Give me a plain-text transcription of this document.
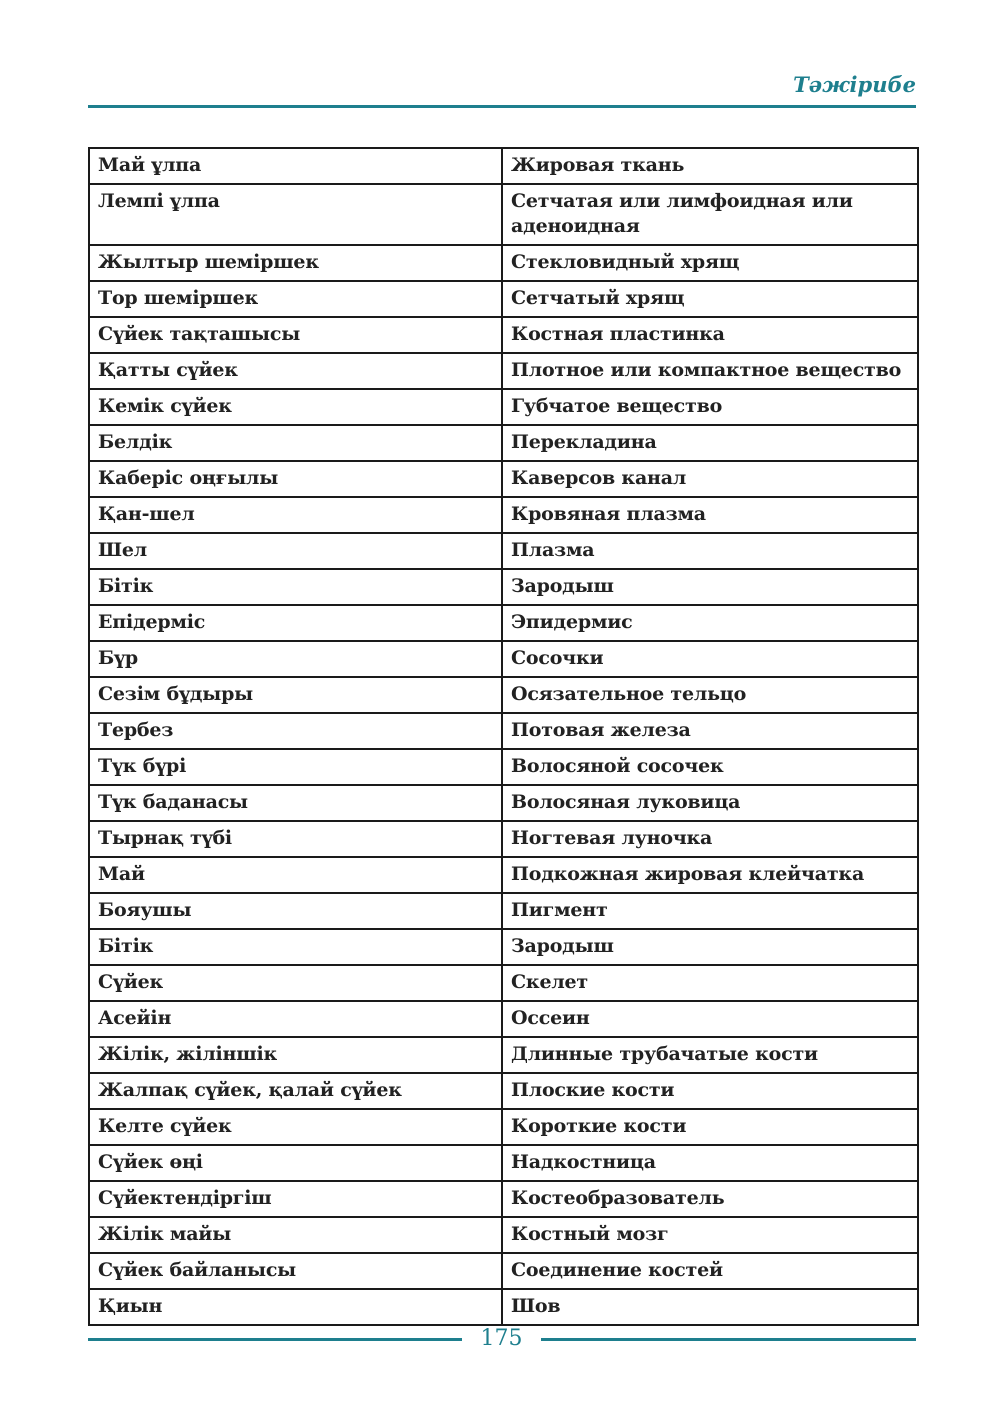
Тәжірибе
Май ұлпа	Жировая ткань
Лемпі ұлпа	Сетчатая или лимфоидная или аденоидная
Жылтыр шеміршек	Стекловидный хрящ
Тор шеміршек	Сетчатый хрящ
Сүйек тақташысы	Костная пластинка
Қатты сүйек	Плотное или компактное вещество
Кемік сүйек	Губчатое вещество
Белдік	Перекладина
Каберіс оңғылы	Каверсов канал
Қан-шел	Кровяная плазма
Шел	Плазма
Бітік	Зародыш
Епідерміс	Эпидермис
Бүр	Сосочки
Сезім бұдыры	Осязательное тельцо
Тербез	Потовая железа
Түк бүрі	Волосяной сосочек
Түк баданасы	Волосяная луковица
Тырнақ түбі	Ногтевая луночка
Май	Подкожная жировая клейчатка
Бояушы	Пигмент
Бітік	Зародыш
Сүйек	Скелет
Асейін	Оссеин
Жілік, жіліншік	Длинные трубачатые кости
Жалпақ сүйек, қалай сүйек	Плоские кости
Келте сүйек	Короткие кости
Сүйек өңі	Надкостница
Сүйектендіргіш	Костеобразователь
Жілік майы	Костный мозг
Сүйек байланысы	Соединение костей
Қиын	Шов
175
